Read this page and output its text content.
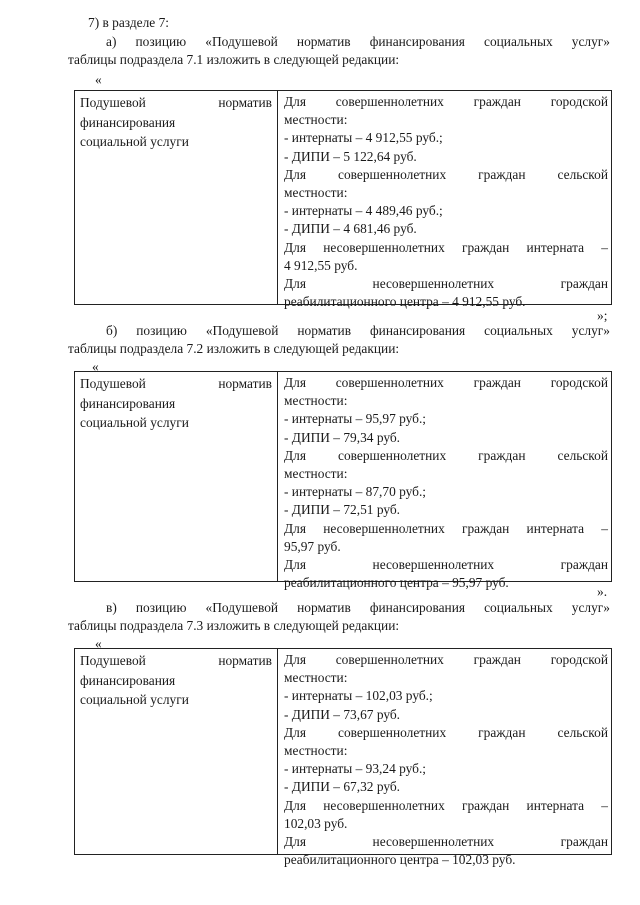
7) в разделе 7:
а) позицию «Подушевой норматив финансирования социальных услуг»
таблицы подраздела 7.1 изложить в следующей редакции:
«
Подушевой	норматив
финансирования
социальной услуги
Для совершеннолетних граждан городской
местности:
- интернаты – 4 912,55 руб.;
- ДИПИ – 5 122,64 руб.
Для совершеннолетних граждан сельской
местности:
- интернаты – 4 489,46 руб.;
- ДИПИ – 4 681,46 руб.
Для несовершеннолетних граждан интерната –
4 912,55 руб.
Для несовершеннолетних граждан
реабилитационного центра – 4 912,55 руб.
»;
б) позицию «Подушевой норматив финансирования социальных услуг»
таблицы подраздела 7.2 изложить в следующей редакции:
«
Подушевой	норматив
финансирования
социальной услуги
Для совершеннолетних граждан городской
местности:
- интернаты – 95,97 руб.;
- ДИПИ – 79,34 руб.
Для совершеннолетних граждан сельской
местности:
- интернаты – 87,70 руб.;
- ДИПИ – 72,51 руб.
Для несовершеннолетних граждан интерната –
95,97 руб.
Для несовершеннолетних граждан
реабилитационного центра – 95,97 руб.
».
в) позицию «Подушевой норматив финансирования социальных услуг»
таблицы подраздела 7.3 изложить в следующей редакции:
«
Подушевой	норматив
финансирования
социальной услуги
Для совершеннолетних граждан городской
местности:
- интернаты – 102,03 руб.;
- ДИПИ – 73,67 руб.
Для совершеннолетних граждан сельской
местности:
- интернаты – 93,24 руб.;
- ДИПИ – 67,32 руб.
Для несовершеннолетних граждан интерната –
102,03 руб.
Для несовершеннолетних граждан
реабилитационного центра – 102,03 руб.
